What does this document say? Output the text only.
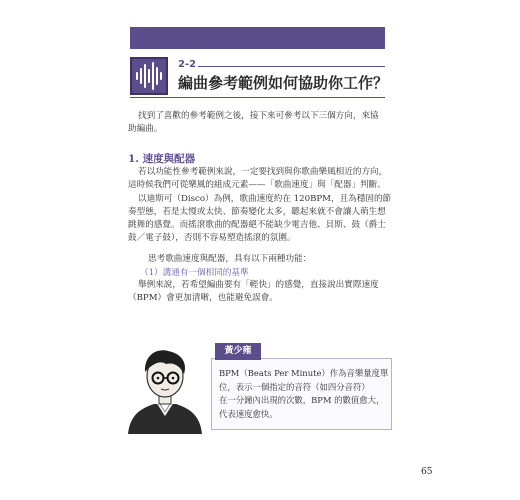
2-2
編曲參考範例如何協助你工作？

找到了喜歡的參考範例之後，接下來可參考以下三個方向，來協
助編曲。

1. 速度與配器

若以功能性參考範例來說，一定要找到與你歌曲樂風相近的方向，
這時候我們可從樂風的組成元素——「歌曲速度」與「配器」判斷。

以迪斯可（Disco）為例，歌曲速度約在 120BPM，且為穩固的節
奏型態，若是太慢或太快、節奏變化太多，聽起來就不會讓人萌生想
跳舞的感覺。而搖滾歌曲的配器絕不能缺少電吉他、貝斯、鼓（爵士
鼓／電子鼓），否則不容易塑造搖滾的氛圍。

思考歌曲速度與配器，具有以下兩種功能：

（1）溝通有一個相同的基準

舉例來說，若希望編曲要有「輕快」的感覺，直接說出實際速度
（BPM）會更加清晰，也能避免誤會。

黃少雍

BPM（Beats Per Minute）作為音樂量度單
位，表示一個指定的音符（如四分音符）
在一分鐘內出現的次數，BPM 的數值愈大，
代表速度愈快。

65
